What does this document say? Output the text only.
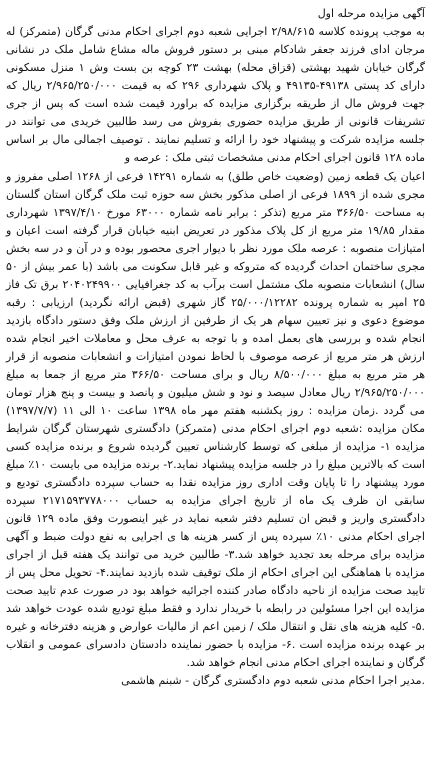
آگهی مزایده مرحله اول

به موجب پرونده کلاسه ۲/۹۸/۶۱۵ اجرایی شعبه دوم اجرای احکام مدنی گرگان (متمرکز) له مرجان ادای فرزند جعفر شادکام مبنی بر دستور فروش ماله مشاع شامل ملک در نشانی گرگان خیابان شهید بهشتی (قزاق محله) بهشت ۲۳ کوچه بن بست وش ۱ منزل مسکونی دارای کد پستی ۴۹۱۳۸-۴۹۱۳۵ و پلاک شهرداری ۲۹۶ که به قیمت ۲/۹۶۵/۲۵۰/۰۰۰ ریال که جهت فروش مال از طریقه برگزاری مزایده که براورد قیمت شده است که پس از جری تشریفات قانونی از طریق مزایده حضوری بفروش می رسد طالبین خریدی می توانند در جلسه مزایده شرکت و پیشنهاد خود را ارائه و تسلیم نمایند . توصیف اجمالی مال بر اساس ماده ۱۲۸ قانون اجرای احکام مدنی مشخصات ثبتی ملک : عرصه و

اعیان یک قطعه زمین (وضعیت خاص طلق) به شماره ۱۴۲۹۱ فرعی از ۱۲۶۸ اصلی مفروز و مجری شده از ۱۸۹۹ فرعی از اصلی مذکور بخش سه حوزه ثبت ملک گرگان استان گلستان به مساحت ۳۶۶/۵۰ متر مربع (تذکر : برابر نامه شماره ۶۳۰۰۰ مورخ ۱۳۹۷/۴/۱۰ شهرداری مقدار ۱۹/۸۵ متر مربع از کل پلاک مذکور در تعریض ابنیه خیابان قرار گرفته است اعیان و امتیازات منصوبه : عرصه ملک مورد نظر با دیوار اجری محصور بوده و در آن و در سه بخش مجری ساختمان احداث گردیده که متروکه و غیر قابل سکونت می باشد (با عمر بیش از ۵۰ سال) انشعابات منصوبه ملک مشتمل است برآب به کد جغرافیایی ۲۰۴۰۲۴۹۹۰۰ برق تک فاز ۲۵ امپر به شماره پرونده ۲۵/۰۰۰/۱۲۲۸۲ گاز شهری (قبض ارائه نگردید) ارزیابی : رقبه موضوع دعوی و نیز تعیین سهام هر یک از طرفین از ارزش ملک وفق دستور دادگاه بازدید انجام شده و بررسی های بعمل امده و با توجه به عرف محل و معاملات اخیر انجام شده ارزش هر متر مربع از عرصه موصوف با لحاظ نمودن امتیازات و انشعابات منصوبه از قرار هر متر مربع به مبلغ ۸/۵۰۰/۰۰۰ ریال و برای مساحت ۳۶۶/۵۰ متر مربع از جمعا به مبلغ ۲/۹۶۵/۲۵۰/۰۰۰ ریال معادل سیصد و نود و شش میلیون و پانصد و بیست و پنج هزار تومان می گردد .زمان مزایده : روز یکشنبه هفتم مهر ماه ۱۳۹۸ ساعت ۱۰ الی ۱۱ (۱۳۹۷/۷/۷) مکان مزایده :شعبه دوم اجرای احکام مدنی (متمرکز) دادگستری شهرستان گرگان شرایط مزایده ۱- مزایده از مبلغی که توسط کارشناس تعیین گردیده شروع و برنده مزایده کسی است که بالاترین مبلغ را در جلسه مزایده پیشنهاد نماید.۲- برنده مزایده می بایست ۱۰٪ مبلغ مورد پیشنهاد را تا پایان وقت اداری روز مزایده نقدا به حساب سپرده دادگستری تودیع و سابقی ان ظرف یک ماه از تاریخ اجرای مزایده به حساب ۲۱۷۱۵۹۳۷۷۸۰۰۰ سپرده دادگستری واریز و قبض ان تسلیم دفتر شعبه نماید در غیر اینصورت وفق ماده ۱۲۹ قانون اجرای احکام مدنی ۱۰٪ سپرده پس از کسر هزینه ها ی اجرایی به نفع دولت ضبط و آگهی مزایده برای مرحله بعد تجدید خواهد شد.۳- طالبین خرید می توانند یک هفته قبل از اجرای مزایده با هماهنگی این اجرای احکام از ملک توقیف شده بازدید نمایند.۴- تحویل محل پس از تایید صحت مزایده از ناحیه دادگاه صادر کننده اجرائیه خواهد بود در صورت عدم تایید صحت مزایده این اجرا مسئولین در رابطه با خریدار ندارد و فقط مبلغ تودیع شده عودت خواهد شد .۵- کلیه هزینه های نقل و انتقال ملک / زمین اعم از مالیات عوارض و هزینه دفترخانه و غیره بر عهده برنده مزایده است .۶- مزایده با حضور نماینده دادستان دادسرای عمومی و انقلاب گرگان و نماینده اجرای احکام مدنی انجام خواهد شد.

.مدیر اجرا احکام مدنی شعبه دوم دادگستری گرگان - شبنم هاشمی
